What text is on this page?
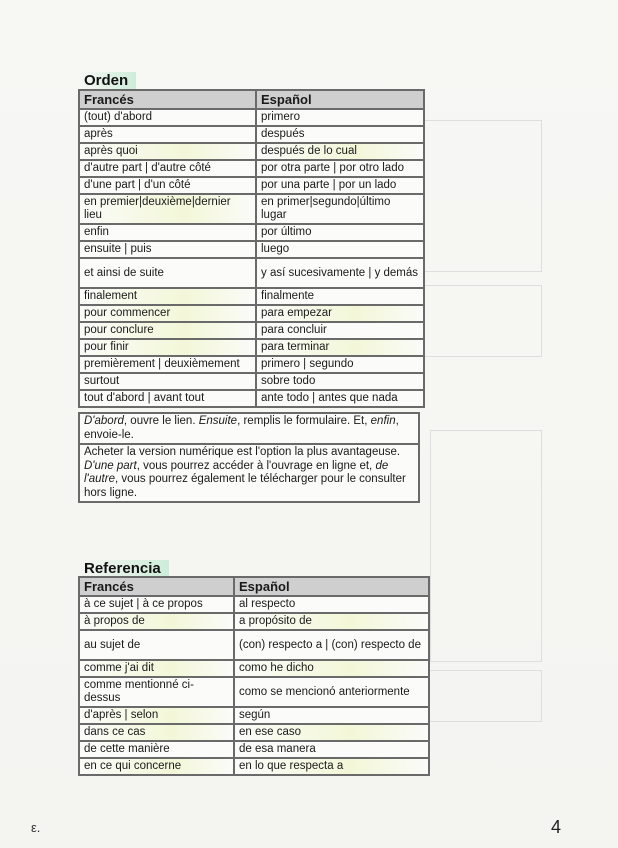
Orden
Francés	Español
(tout) d'abord	primero
après	después
après quoi	después de lo cual
d'autre part | d'autre côté	por otra parte | por otro lado
d'une part | d'un côté	por una parte | por un lado
en premier|deuxième|dernier lieu	en primer|segundo|último lugar
enfin	por último
ensuite | puis	luego
et ainsi de suite	y así sucesivamente | y demás
finalement	finalmente
pour commencer	para empezar
pour conclure	para concluir
pour finir	para terminar
premièrement | deuxièmement	primero | segundo
surtout	sobre todo
tout d'abord | avant tout	ante todo | antes que nada
D'abord, ouvre le lien. Ensuite, remplis le formulaire. Et, enfin, envoie-le.
Acheter la version numérique est l'option la plus avantageuse. D'une part, vous pourrez accéder à l'ouvrage en ligne et, de l'autre, vous pourrez également le télécharger pour le consulter hors ligne.
Referencia
Francés	Español
à ce sujet | à ce propos	al respecto
à propos de	a propósito de
au sujet de	(con) respecto a | (con) respecto de
comme j'ai dit	como he dicho
comme mentionné ci-dessus	como se mencionó anteriormente
d'après | selon	según
dans ce cas	en ese caso
de cette manière	de esa manera
en ce qui concerne	en lo que respecta a
ε.	4
